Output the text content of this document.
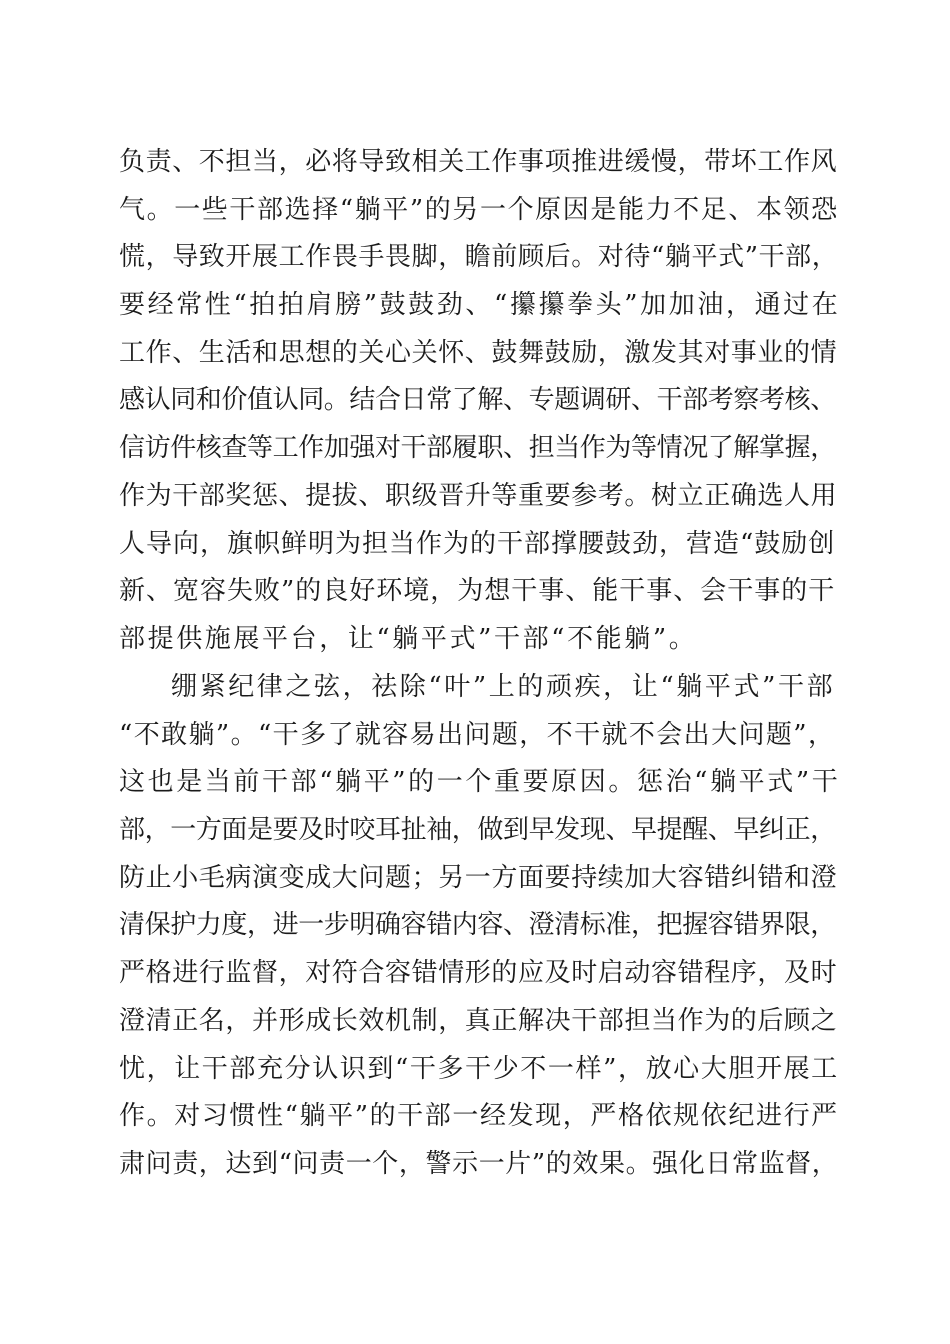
负责、不担当，必将导致相关工作事项推进缓慢，带坏工作风
气。一些干部选择“躺平”的另一个原因是能力不足、本领恐
慌，导致开展工作畏手畏脚，瞻前顾后。对待“躺平式”干部，
要经常性“拍拍肩膀”鼓鼓劲、“攥攥拳头”加加油，通过在
工作、生活和思想的关心关怀、鼓舞鼓励，激发其对事业的情
感认同和价值认同。结合日常了解、专题调研、干部考察考核、
信访件核查等工作加强对干部履职、担当作为等情况了解掌握，
作为干部奖惩、提拔、职级晋升等重要参考。树立正确选人用
人导向，旗帜鲜明为担当作为的干部撑腰鼓劲，营造“鼓励创
新、宽容失败”的良好环境，为想干事、能干事、会干事的干
部提供施展平台，让“躺平式”干部“不能躺”。
绷紧纪律之弦，祛除“叶”上的顽疾，让“躺平式”干部
“不敢躺”。“干多了就容易出问题，不干就不会出大问题”，
这也是当前干部“躺平”的一个重要原因。惩治“躺平式”干
部，一方面是要及时咬耳扯袖，做到早发现、早提醒、早纠正，
防止小毛病演变成大问题；另一方面要持续加大容错纠错和澄
清保护力度，进一步明确容错内容、澄清标准，把握容错界限，
严格进行监督，对符合容错情形的应及时启动容错程序，及时
澄清正名，并形成长效机制，真正解决干部担当作为的后顾之
忧，让干部充分认识到“干多干少不一样”，放心大胆开展工
作。对习惯性“躺平”的干部一经发现，严格依规依纪进行严
肃问责，达到“问责一个，警示一片”的效果。强化日常监督，
